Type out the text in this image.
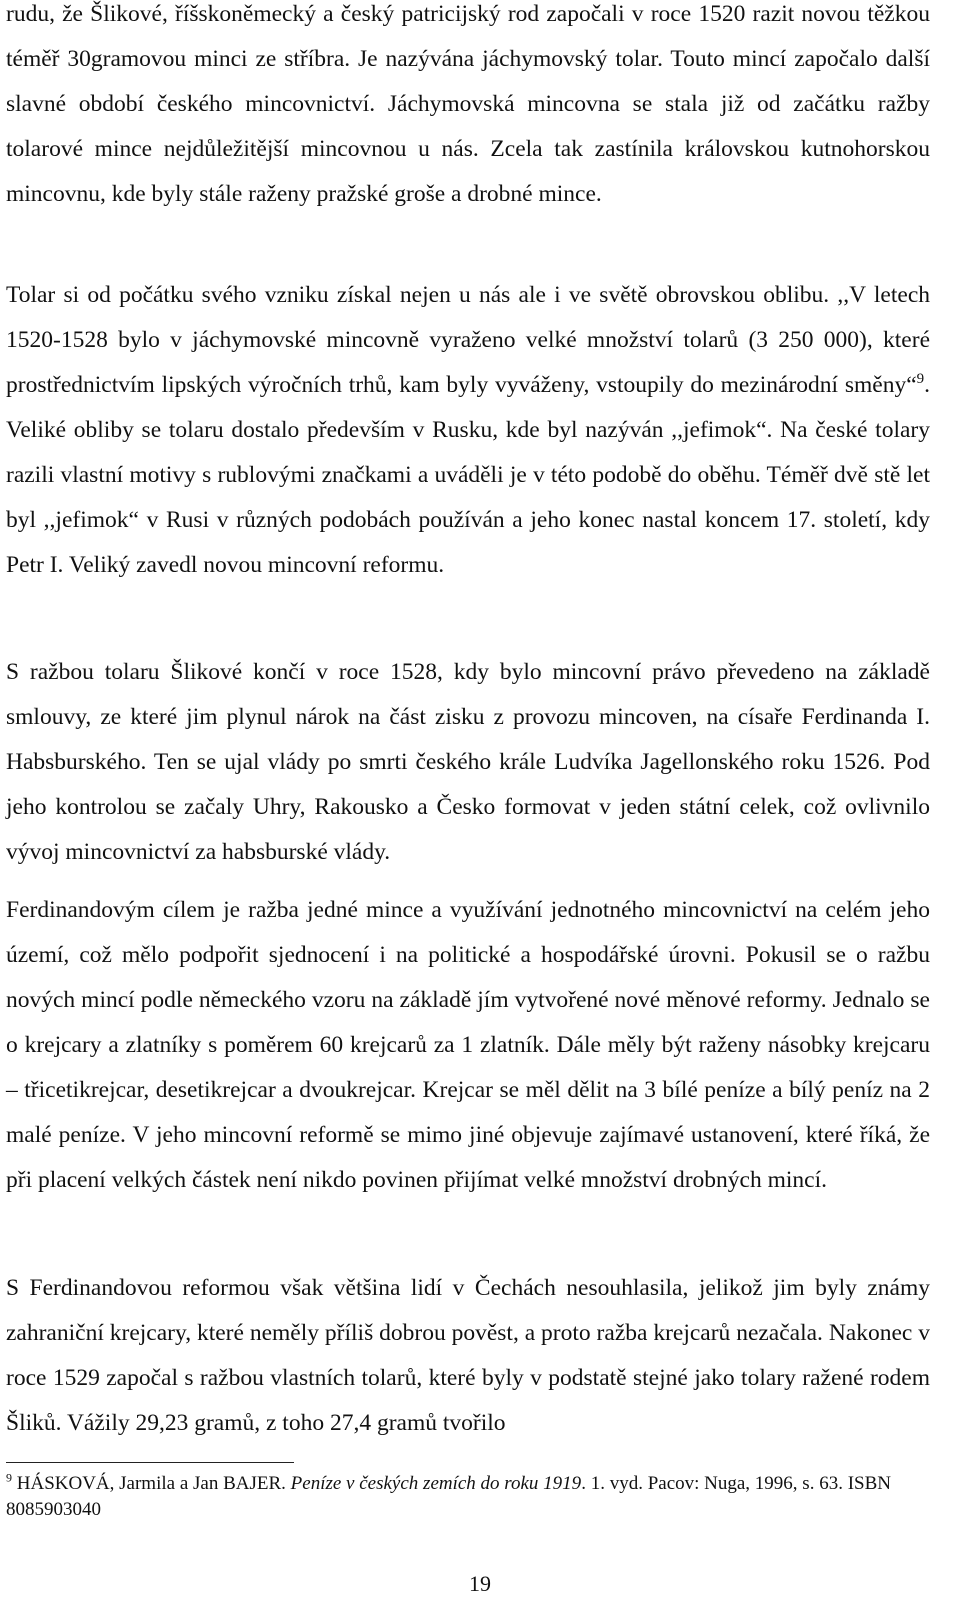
rudu, že Šlikové, říšskoněmecký a český patricijský rod započali v roce 1520 razit novou těžkou téměř 30gramovou minci ze stříbra. Je nazývána jáchymovský tolar. Touto mincí započalo další slavné období českého mincovnictví. Jáchymovská mincovna se stala již od začátku ražby tolarové mince nejdůležitější mincovnou u nás. Zcela tak zastínila královskou kutnohorskou mincovnu, kde byly stále raženy pražské groše a drobné mince.

Tolar si od počátku svého vzniku získal nejen u nás ale i ve světě obrovskou oblibu. ,,V letech 1520-1528 bylo v jáchymovské mincovně vyraženo velké množství tolarů (3 250 000), které prostřednictvím lipských výročních trhů, kam byly vyváženy, vstoupily do mezinárodní směny“$^9$. Veliké obliby se tolaru dostalo především v Rusku, kde byl nazýván ,,jefimok“. Na české tolary razili vlastní motivy s rublovými značkami a uváděli je v této podobě do oběhu. Téměř dvě stě let byl ,,jefimok“ v Rusi v různých podobách používán a jeho konec nastal koncem 17. století, kdy Petr I. Veliký zavedl novou mincovní reformu.

S ražbou tolaru Šlikové končí v roce 1528, kdy bylo mincovní právo převedeno na základě smlouvy, ze které jim plynul nárok na část zisku z provozu mincoven, na císaře Ferdinanda I. Habsburského. Ten se ujal vlády po smrti českého krále Ludvíka Jagellonského roku 1526. Pod jeho kontrolou se začaly Uhry, Rakousko a Česko formovat v jeden státní celek, což ovlivnilo vývoj mincovnictví za habsburské vlády.

Ferdinandovým cílem je ražba jedné mince a využívání jednotného mincovnictví na celém jeho území, což mělo podpořit sjednocení i na politické a hospodářské úrovni. Pokusil se o ražbu nových mincí podle německého vzoru na základě jím vytvořené nové měnové reformy. Jednalo se o krejcary a zlatníky s poměrem 60 krejcarů za 1 zlatník. Dále měly být raženy násobky krejcaru – třicetikrejcar, desetikrejcar a dvoukrejcar. Krejcar se měl dělit na 3 bílé peníze a bílý peníz na 2 malé peníze. V jeho mincovní reformě se mimo jiné objevuje zajímavé ustanovení, které říká, že při placení velkých částek není nikdo povinen přijímat velké množství drobných mincí.

S Ferdinandovou reformou však většina lidí v Čechách nesouhlasila, jelikož jim byly známy zahraniční krejcary, které neměly příliš dobrou pověst, a proto ražba krejcarů nezačala. Nakonec v roce 1529 započal s ražbou vlastních tolarů, které byly v podstatě stejné jako tolary ražené rodem Šliků. Vážily 29,23 gramů, z toho 27,4 gramů tvořilo

$^9$ HÁSKOVÁ, Jarmila a Jan BAJER. Peníze v českých zemích do roku 1919. 1. vyd. Pacov: Nuga, 1996, s. 63. ISBN 8085903040

19
